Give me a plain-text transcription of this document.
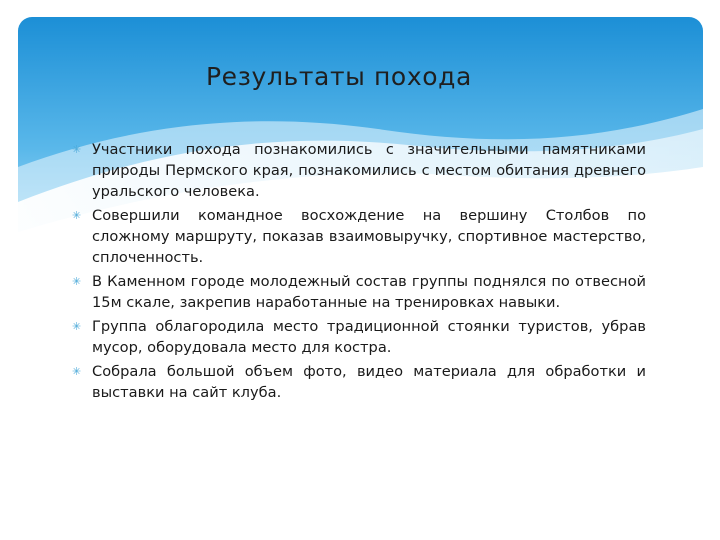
Результаты похода
✳ Участники похода познакомились с значительными памятниками природы Пермского края, познакомились с местом обитания древнего уральского человека.
✳ Совершили командное восхождение на вершину Столбов по сложному маршруту, показав взаимовыручку, спортивное мастерство, сплоченность.
✳ В Каменном городе молодежный состав группы поднялся по отвесной 15м скале, закрепив наработанные на тренировках навыки.
✳ Группа облагородила место традиционной стоянки туристов, убрав мусор, оборудовала место для костра.
✳ Собрала большой объем фото, видео материала для обработки и выставки на сайт клуба.
